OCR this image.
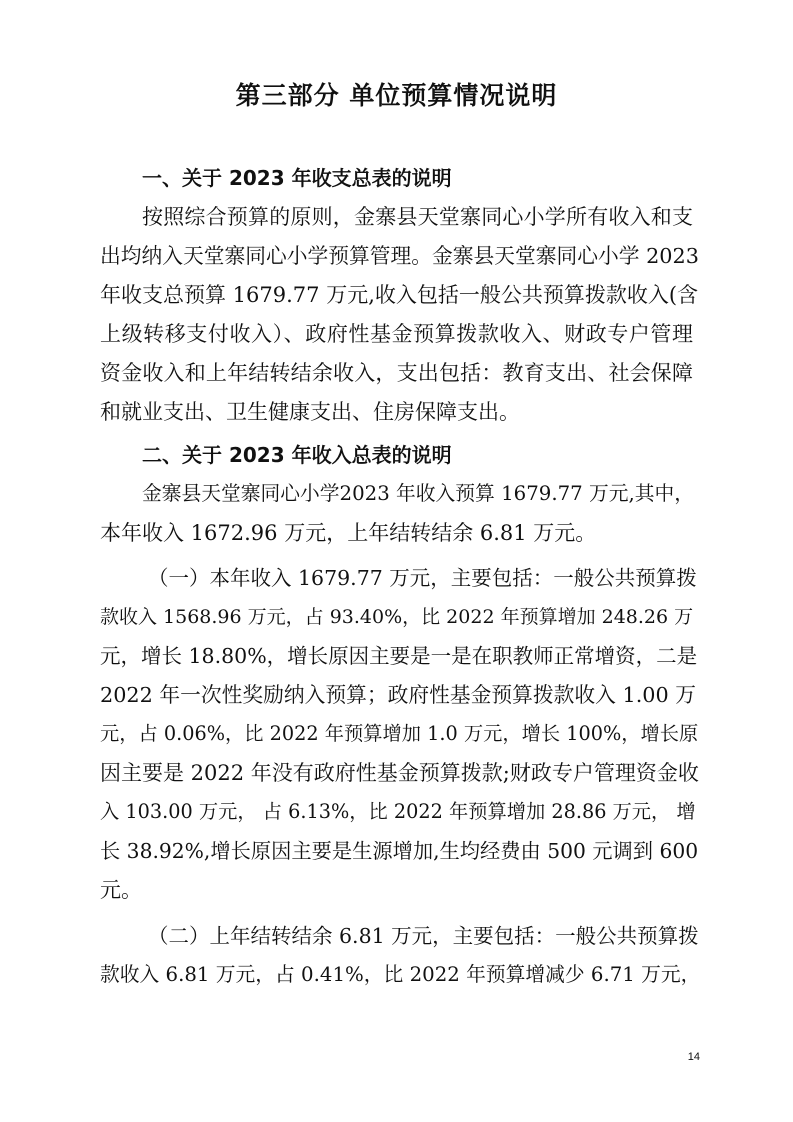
第三部分 单位预算情况说明

一、关于 2023 年收支总表的说明

按照综合预算的原则，金寨县天堂寨同心小学所有收入和支

出均纳入天堂寨同心小学预算管理。金寨县天堂寨同心小学 2023

年收支总预算 1679.77 万元,收入包括一般公共预算拨款收入(含

上级转移支付收入）、政府性基金预算拨款收入、财政专户管理

资金收入和上年结转结余收入，支出包括：教育支出、社会保障

和就业支出、卫生健康支出、住房保障支出。

二、关于 2023 年收入总表的说明

金寨县天堂寨同心小学2023 年收入预算 1679.77 万元,其中，

本年收入 1672.96 万元，上年结转结余 6.81 万元。

（一）本年收入 1679.77 万元，主要包括：一般公共预算拨

款收入 1568.96 万元，占 93.40%，比 2022 年预算增加 248.26 万

元，增长 18.80%，增长原因主要是一是在职教师正常增资，二是

2022 年一次性奖励纳入预算；政府性基金预算拨款收入 1.00 万

元，占 0.06%，比 2022 年预算增加 1.0 万元，增长 100%，增长原

因主要是 2022 年没有政府性基金预算拨款;财政专户管理资金收

入 103.00 万元， 占 6.13%，比 2022 年预算增加 28.86 万元， 增

长 38.92%,增长原因主要是生源增加,生均经费由 500 元调到 600

元。

（二）上年结转结余 6.81 万元，主要包括：一般公共预算拨

款收入 6.81 万元，占 0.41%，比 2022 年预算增减少 6.71 万元，

14
